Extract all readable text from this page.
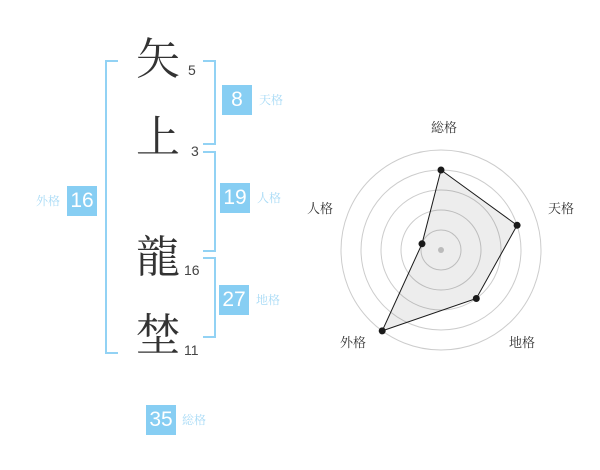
矢 5
上 3
龍 16
埜 11
8	天格
19 人格
27 地格
外格 16
35 総格
総格
天格
地格
外格
人格
